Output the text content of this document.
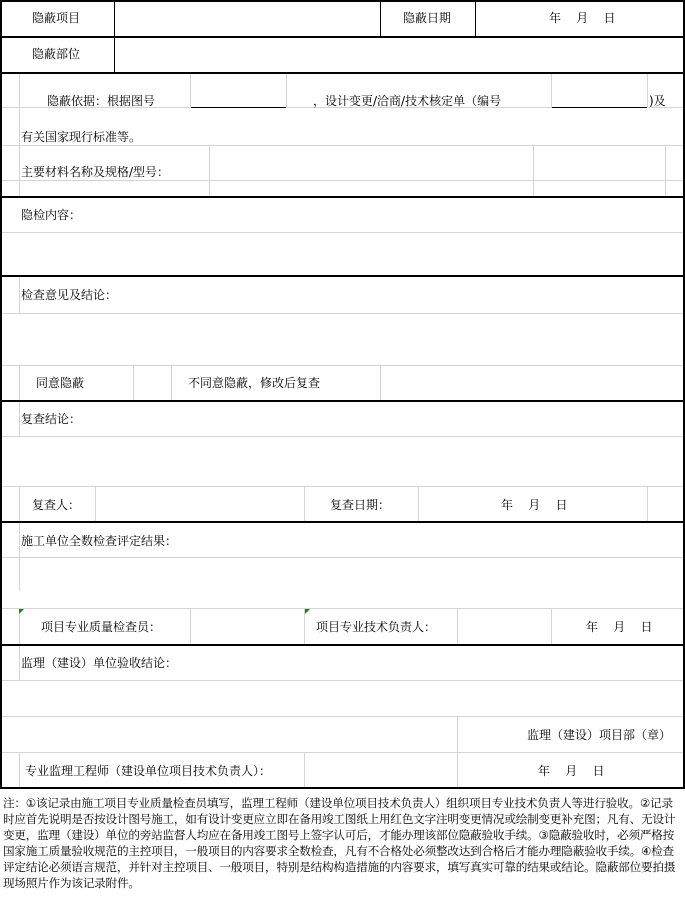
隐蔽项目	隐蔽日期	年    月    日
隐蔽部位
隐蔽依据：根据图号	，设计变更/洽商/技术核定单（编号	)及
有关国家现行标准等。
主要材料名称及规格/型号：
隐检内容：
检查意见及结论：
同意隐蔽	不同意隐蔽，修改后复查
复查结论：
复查人：	复查日期：	年    月    日
施工单位全数检查评定结果：
项目专业质量检查员：	项目专业技术负责人：	年    月    日
监理（建设）单位验收结论：
监理（建设）项目部（章）
专业监理工程师（建设单位项目技术负责人）：	年    月    日
注：①该记录由施工项目专业质量检查员填写，监理工程师（建设单位项目技术负责人）组织项目专业技术负责人等进行验收。②记录时应首先说明是否按设计图号施工，如有设计变更应立即在备用竣工图纸上用红色文字注明变更情况或绘制变更补充图；凡有、无设计变更，监理（建设）单位的旁站监督人均应在备用竣工图号上签字认可后，才能办理该部位隐蔽验收手续。③隐蔽验收时，必须严格按国家施工质量验收规范的主控项目，一般项目的内容要求全数检查，凡有不合格处必须整改达到合格后才能办理隐蔽验收手续。④检查评定结论必须语言规范，并针对主控项目、一般项目，特别是结构构造措施的内容要求，填写真实可靠的结果或结论。隐蔽部位要拍摄现场照片作为该记录附件。
